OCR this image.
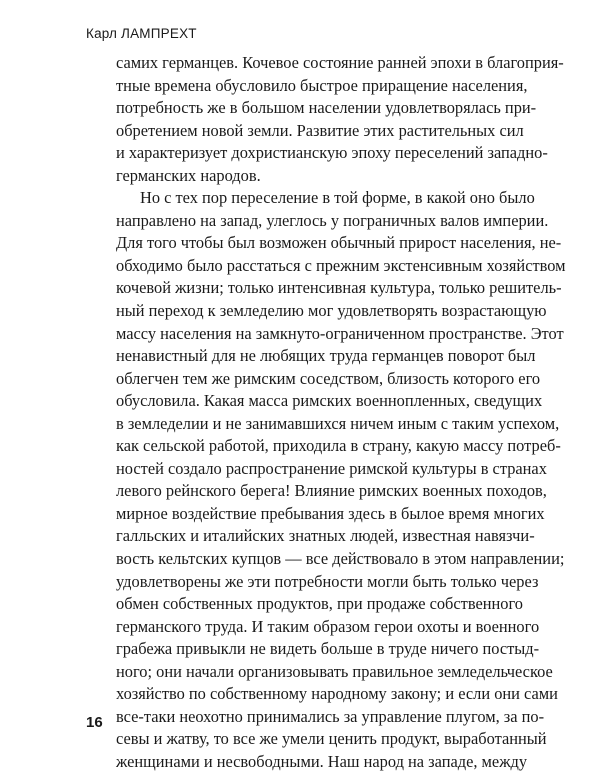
Карл ЛАМПРЕХТ
самих германцев. Кочевое состояние ранней эпохи в благоприя-
тные времена обусловило быстрое приращение населения,
потребность же в большом населении удовлетворялась при-
обретением новой земли. Развитие этих растительных сил
и характеризует дохристианскую эпоху переселений западно-
германских народов.
Но с тех пор переселение в той форме, в какой оно было
направлено на запад, улеглось у пограничных валов империи.
Для того чтобы был возможен обычный прирост населения, не-
обходимо было расстаться с прежним экстенсивным хозяйством
кочевой жизни; только интенсивная культура, только решитель-
ный переход к земледелию мог удовлетворять возрастающую
массу населения на замкнуто-ограниченном пространстве. Этот
ненавистный для не любящих труда германцев поворот был
облегчен тем же римским соседством, близость которого его
обусловила. Какая масса римских военнопленных, сведущих
в земледелии и не занимавшихся ничем иным с таким успехом,
как сельской работой, приходила в страну, какую массу потреб-
ностей создало распространение римской культуры в странах
левого рейнского берега! Влияние римских военных походов,
мирное воздействие пребывания здесь в былое время многих
галльских и италийских знатных людей, известная навязчи-
вость кельтских купцов — все действовало в этом направлении;
удовлетворены же эти потребности могли быть только через
обмен собственных продуктов, при продаже собственного
германского труда. И таким образом герои охоты и военного
грабежа привыкли не видеть больше в труде ничего постыд-
ного; они начали организовывать правильное земледельческое
хозяйство по собственному народному закону; и если они сами
все-таки неохотно принимались за управление плугом, за по-
севы и жатву, то все же умели ценить продукт, выработанный
женщинами и несвободными. Наш народ на западе, между
16
